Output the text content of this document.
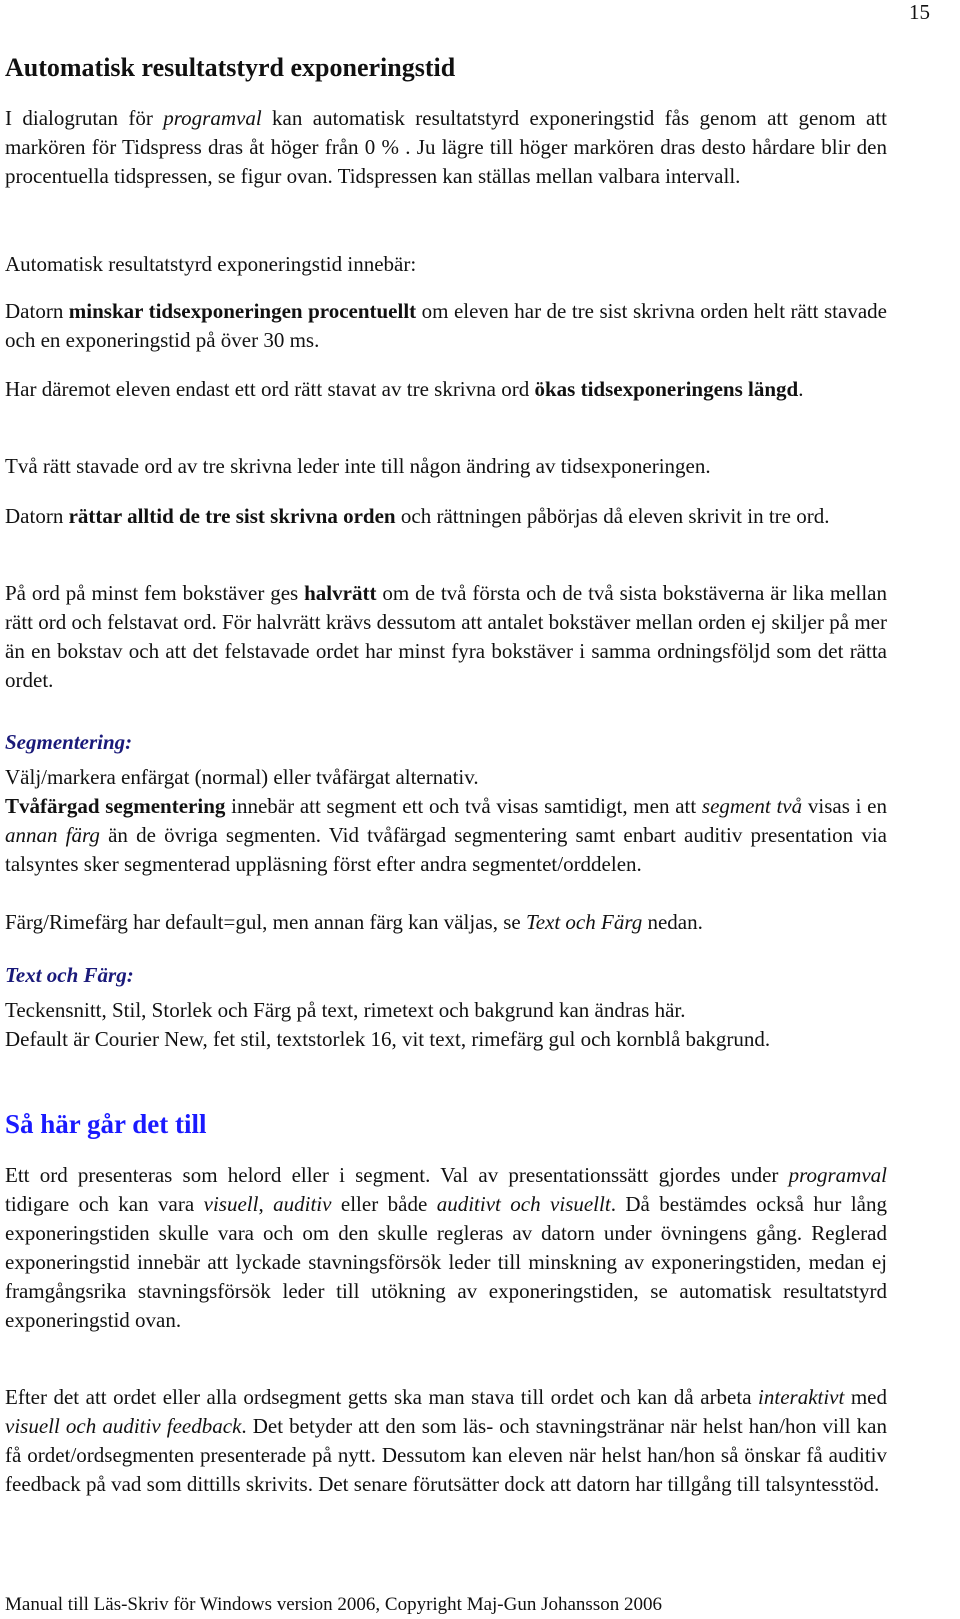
15
Automatisk resultatstyrd exponeringstid

I dialogrutan för programval kan automatisk resultatstyrd exponeringstid fås genom att genom att markören för Tidspress dras åt höger från 0 % . Ju lägre till höger markören dras desto hårdare blir den procentuella tidspressen, se figur ovan. Tidspressen kan ställas mellan valbara intervall.

Automatisk resultatstyrd exponeringstid innebär:

Datorn minskar tidsexponeringen procentuellt om eleven har de tre sist skrivna orden helt rätt stavade och en exponeringstid på över 30 ms.

Har däremot eleven endast ett ord rätt stavat av tre skrivna ord ökas tidsexponeringens längd.

Två rätt stavade ord av tre skrivna leder inte till någon ändring av tidsexponeringen.

Datorn rättar alltid de tre sist skrivna orden och rättningen påbörjas då eleven skrivit in tre ord.

På ord på minst fem bokstäver ges halvrätt om de två första och de två sista bokstäverna är lika mellan rätt ord och felstavat ord. För halvrätt krävs dessutom att antalet bokstäver mellan orden ej skiljer på mer än en bokstav och att det felstavade ordet har minst fyra bokstäver i samma ordningsföljd som det rätta ordet.

Segmentering:

Välj/markera enfärgat (normal) eller tvåfärgat alternativ.

Tvåfärgad segmentering innebär att segment ett och två visas samtidigt, men att segment två visas i en annan färg än de övriga segmenten. Vid tvåfärgad segmentering samt enbart auditiv presentation via talsyntes sker segmenterad uppläsning först efter andra segmentet/orddelen.

Färg/Rimefärg har default=gul, men annan färg kan väljas, se Text och Färg nedan.

Text och Färg:

Teckensnitt, Stil, Storlek och Färg på text, rimetext och bakgrund kan ändras här.

Default är Courier New, fet stil, textstorlek 16, vit text, rimefärg gul och kornblå bakgrund.

Så här går det till

Ett ord presenteras som helord eller i segment. Val av presentationssätt gjordes under programval tidigare och kan vara visuell, auditiv eller både auditivt och visuellt. Då bestämdes också hur lång exponeringstiden skulle vara och om den skulle regleras av datorn under övningens gång. Reglerad exponeringstid innebär att lyckade stavningsförsök leder till minskning av exponeringstiden, medan ej framgångsrika stavningsförsök leder till utökning av exponeringstiden, se automatisk resultatstyrd exponeringstid ovan.

Efter det att ordet eller alla ordsegment getts ska man stava till ordet och kan då arbeta interaktivt med visuell och auditiv feedback. Det betyder att den som läs- och stavningstränar när helst han/hon vill kan få ordet/ordsegmenten presenterade på nytt. Dessutom kan eleven när helst han/hon så önskar få auditiv feedback på vad som dittills skrivits. Det senare förutsätter dock att datorn har tillgång till talsyntesstöd.

Manual till Läs-Skriv för Windows version 2006, Copyright Maj-Gun Johansson 2006
